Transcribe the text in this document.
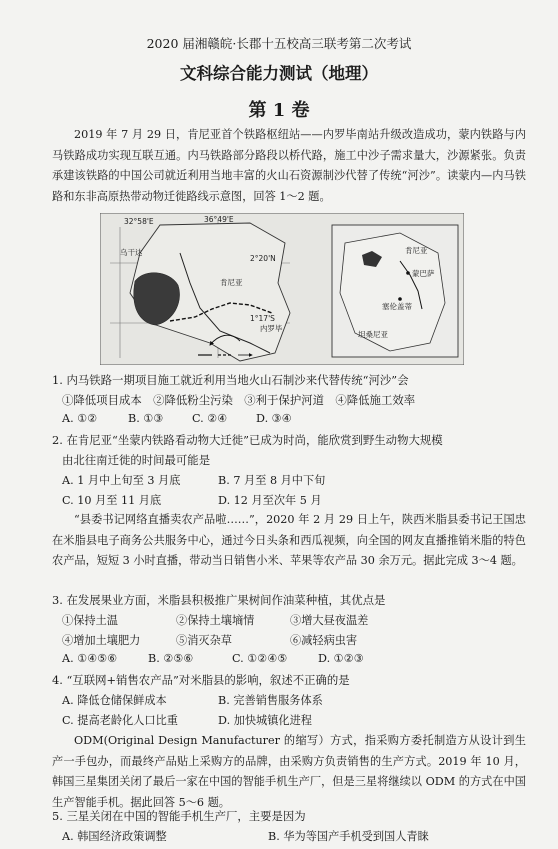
2020 届湘赣皖·长郡十五校高三联考第二次考试
文科综合能力测试（地理）
第 1 卷
2019 年 7 月 29 日，肯尼亚首个铁路枢纽站——内罗毕南站升级改造成功，蒙内铁路与内马铁路成功实现互联互通。内马铁路部分路段以桥代路，施工中沙子需求量大，沙源紧张。负责承建该铁路的中国公司就近利用当地丰富的火山石资源制沙代替了传统“河沙”。读蒙内—内马铁路和东非高原热带动物迁徙路线示意图，回答 1～2 题。
32°58'E	36°49'E
2°20'N
1°17'S
乌干达
肯尼亚
内罗毕
肯尼亚
蒙巴萨
塞伦盖蒂
坦桑尼亚
1. 内马铁路一期项目施工就近利用当地火山石制沙来代替传统“河沙”会
①降低项目成本　②降低粉尘污染　③利于保护河道　④降低施工效率
A. ①②	B. ①③	C. ②④	D. ③④
2. 在肯尼亚“坐蒙内铁路看动物大迁徙”已成为时尚，能欣赏到野生动物大规模
由北往南迁徙的时间最可能是
A. 1 月中上旬至 3 月底	B. 7 月至 8 月中下旬
C. 10 月至 11 月底	D. 12 月至次年 5 月
“县委书记网络直播卖农产品啦……”，2020 年 2 月 29 日上午，陕西米脂县委书记王国忠在米脂县电子商务公共服务中心，通过今日头条和西瓜视频，向全国的网友直播推销米脂的特色农产品，短短 3 小时直播，带动当日销售小米、苹果等农产品 30 余万元。据此完成 3～4 题。
3. 在发展果业方面，米脂县积极推广果树间作油菜种植，其优点是
①保持土温	②保持土壤墒情	③增大昼夜温差
④增加土壤肥力	⑤消灭杂草	⑥减轻病虫害
A. ①④⑤⑥	B. ②⑤⑥	C. ①②④⑤	D. ①②③
4. “互联网+销售农产品”对米脂县的影响，叙述不正确的是
A. 降低仓储保鲜成本	B. 完善销售服务体系
C. 提高老龄化人口比重	D. 加快城镇化进程
ODM(Original Design Manufacturer 的缩写）方式，指采购方委托制造方从设计到生产一手包办，而最终产品贴上采购方的品牌，由采购方负责销售的生产方式。2019 年 10 月，韩国三星集团关闭了最后一家在中国的智能手机生产厂，但是三星将继续以 ODM 的方式在中国生产智能手机。据此回答 5～6 题。
5. 三星关闭在中国的智能手机生产厂，主要是因为
A. 韩国经济政策调整	B. 华为等国产手机受到国人青睐
